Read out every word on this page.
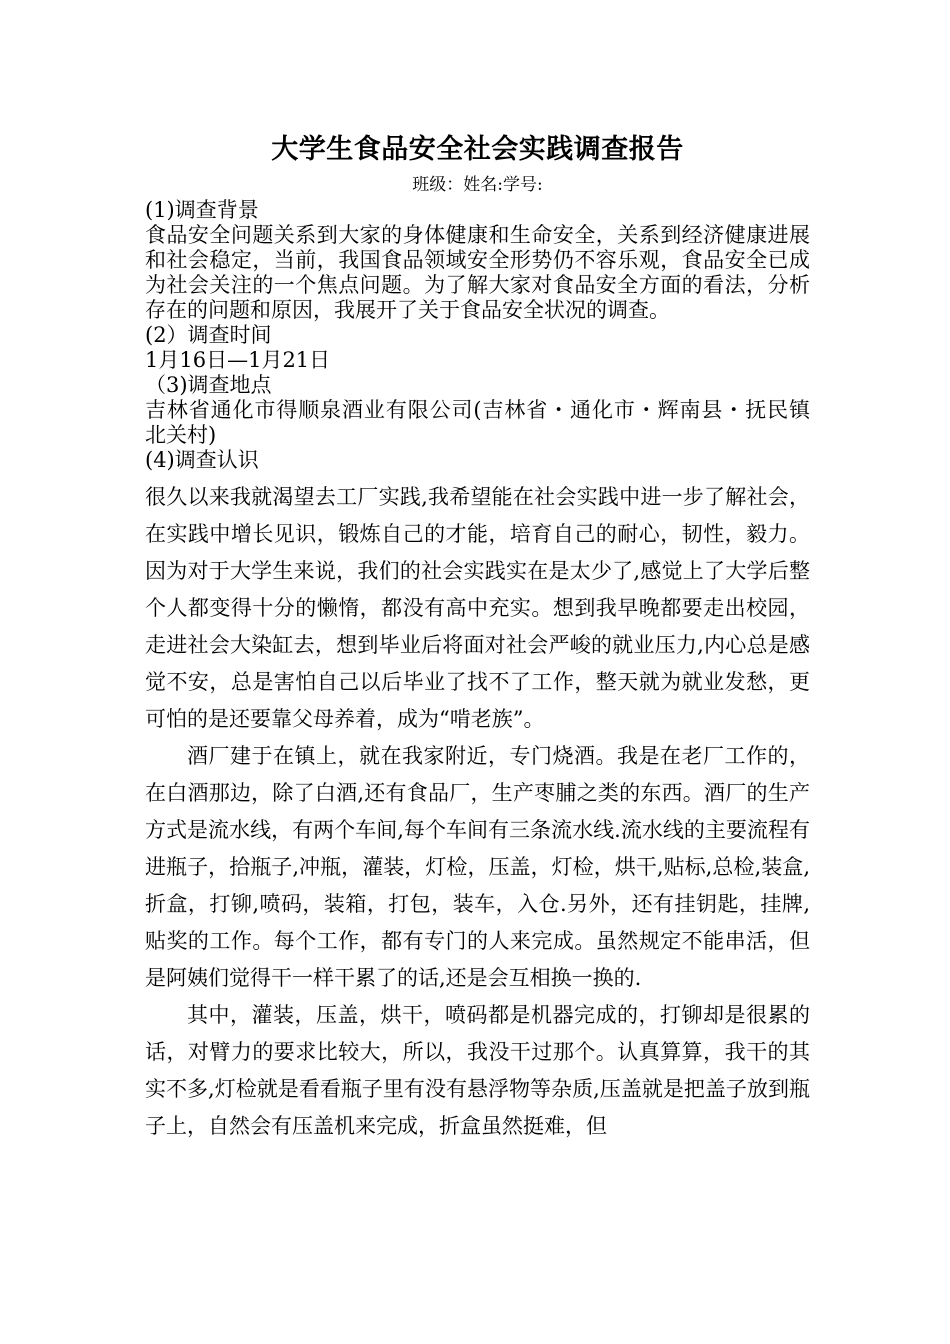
大学生食品安全社会实践调查报告

班级：姓名:学号:

(1)调查背景

食品安全问题关系到大家的身体健康和生命安全，关系到经济健康进展和社会稳定，当前，我国食品领域安全形势仍不容乐观，食品安全已成为社会关注的一个焦点问题。为了解大家对食品安全方面的看法，分析存在的问题和原因，我展开了关于食品安全状况的调查。

(2）调查时间

1月16日—1月21日

（3)调查地点

吉林省通化市得顺泉酒业有限公司(吉林省・通化市・辉南县・抚民镇 北关村)

(4)调查认识

很久以来我就渴望去工厂实践,我希望能在社会实践中进一步了解社会，在实践中增长见识，锻炼自己的才能，培育自己的耐心，韧性，毅力。因为对于大学生来说，我们的社会实践实在是太少了,感觉上了大学后整个人都变得十分的懒惰，都没有高中充实。想到我早晚都要走出校园，走进社会大染缸去，想到毕业后将面对社会严峻的就业压力,内心总是感觉不安，总是害怕自己以后毕业了找不了工作，整天就为就业发愁，更可怕的是还要靠父母养着，成为“啃老族”。

酒厂建于在镇上，就在我家附近，专门烧酒。我是在老厂工作的，在白酒那边，除了白酒,还有食品厂，生产枣脯之类的东西。酒厂的生产方式是流水线，有两个车间,每个车间有三条流水线.流水线的主要流程有进瓶子，拾瓶子,冲瓶，灌装，灯检，压盖，灯检，烘干,贴标,总检,装盒,折盒，打铆,喷码，装箱，打包，装车，入仓.另外，还有挂钥匙，挂牌,贴奖的工作。每个工作，都有专门的人来完成。虽然规定不能串活，但是阿姨们觉得干一样干累了的话,还是会互相换一换的.

其中，灌装，压盖，烘干，喷码都是机器完成的，打铆却是很累的话，对臂力的要求比较大，所以，我没干过那个。认真算算，我干的其实不多,灯检就是看看瓶子里有没有悬浮物等杂质,压盖就是把盖子放到瓶子上，自然会有压盖机来完成，折盒虽然挺难，但
